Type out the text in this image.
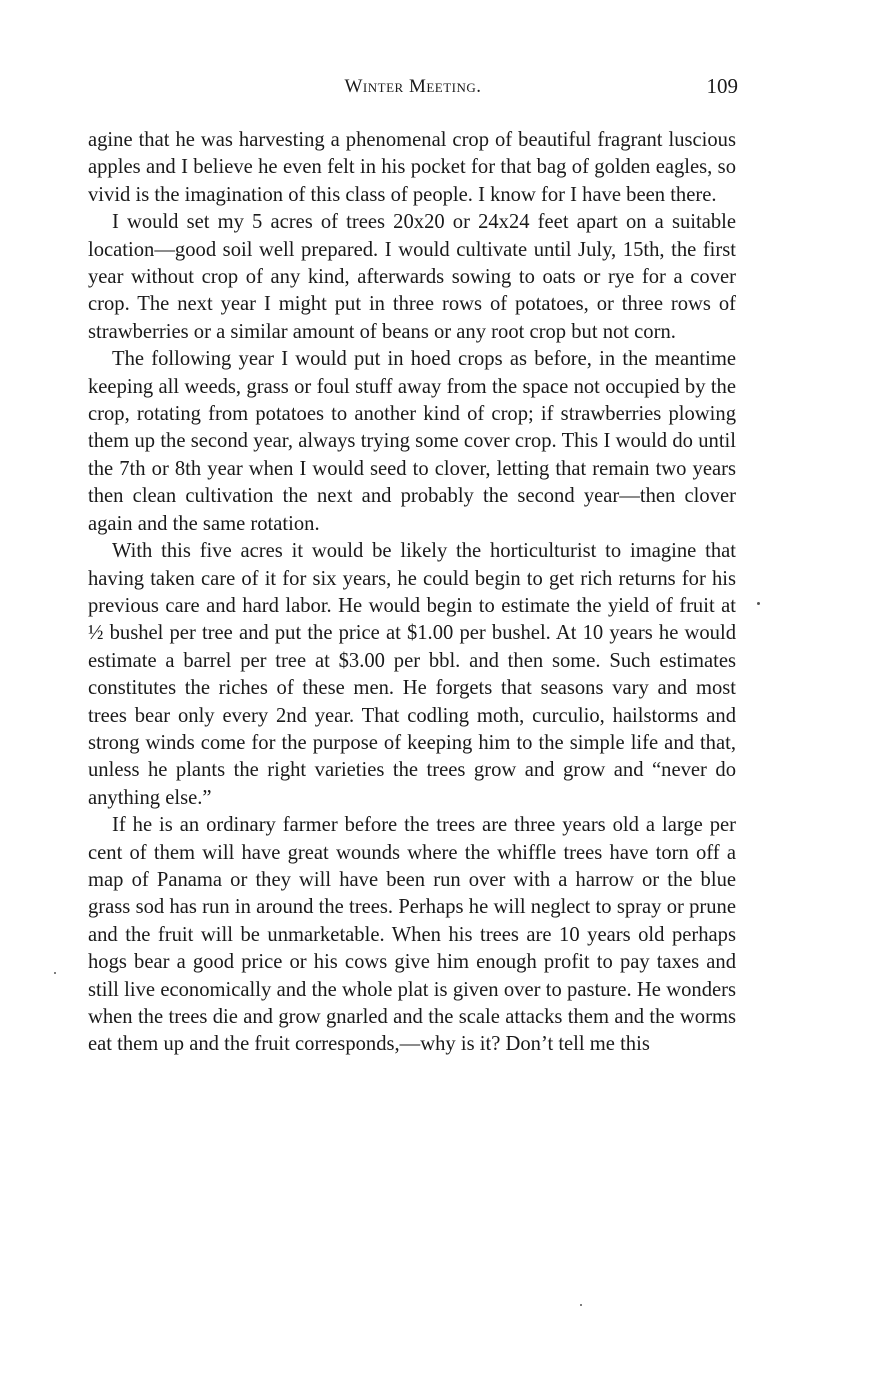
Winter Meeting.	109

agine that he was harvesting a phenomenal crop of beautiful fragrant luscious apples and I believe he even felt in his pocket for that bag of golden eagles, so vivid is the imagination of this class of people. I know for I have been there.

I would set my 5 acres of trees 20x20 or 24x24 feet apart on a suitable location—good soil well prepared. I would cultivate until July, 15th, the first year without crop of any kind, afterwards sowing to oats or rye for a cover crop. The next year I might put in three rows of potatoes, or three rows of strawberries or a similar amount of beans or any root crop but not corn.

The following year I would put in hoed crops as before, in the meantime keeping all weeds, grass or foul stuff away from the space not occupied by the crop, rotating from potatoes to another kind of crop; if strawberries plowing them up the second year, always trying some cover crop. This I would do until the 7th or 8th year when I would seed to clover, letting that remain two years then clean cultivation the next and probably the second year—then clover again and the same rotation.

With this five acres it would be likely the horticulturist to imagine that having taken care of it for six years, he could begin to get rich returns for his previous care and hard labor. He would begin to estimate the yield of fruit at ½ bushel per tree and put the price at $1.00 per bushel. At 10 years he would estimate a barrel per tree at $3.00 per bbl. and then some. Such estimates constitutes the riches of these men. He forgets that seasons vary and most trees bear only every 2nd year. That codling moth, curculio, hailstorms and strong winds come for the purpose of keeping him to the simple life and that, unless he plants the right varieties the trees grow and grow and “never do anything else.”

If he is an ordinary farmer before the trees are three years old a large per cent of them will have great wounds where the whiffle trees have torn off a map of Panama or they will have been run over with a harrow or the blue grass sod has run in around the trees. Perhaps he will neglect to spray or prune and the fruit will be unmarketable. When his trees are 10 years old perhaps hogs bear a good price or his cows give him enough profit to pay taxes and still live economically and the whole plat is given over to pasture. He wonders when the trees die and grow gnarled and the scale attacks them and the worms eat them up and the fruit corresponds,—why is it? Don’t tell me this
